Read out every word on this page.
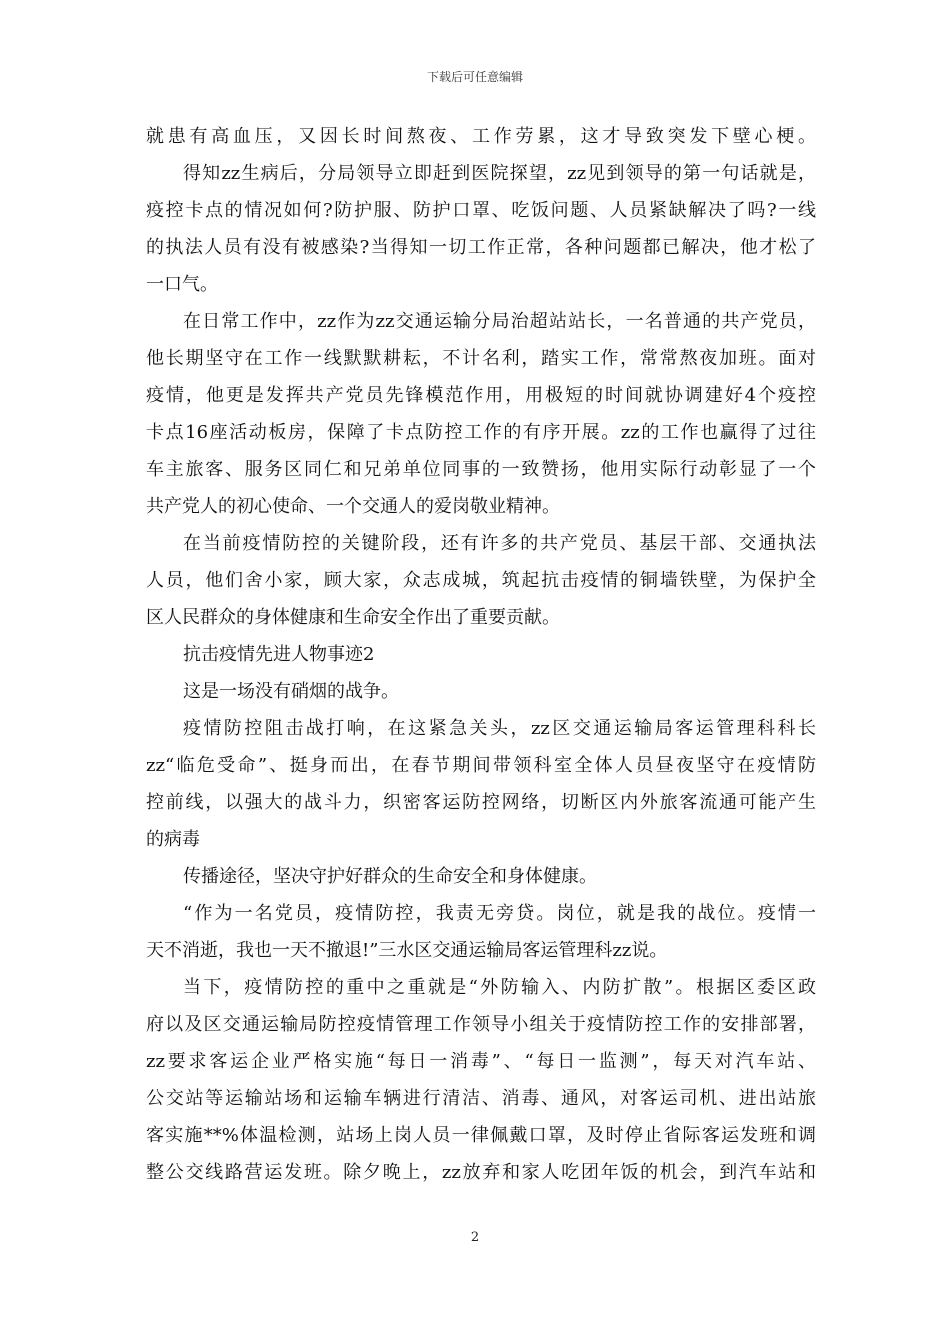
下载后可任意编辑
就患有高血压，又因长时间熬夜、工作劳累，这才导致突发下壁心梗。
得知zz生病后，分局领导立即赶到医院探望，zz见到领导的第一句话就是，
疫控卡点的情况如何?防护服、防护口罩、吃饭问题、人员紧缺解决了吗?一线
的执法人员有没有被感染?当得知一切工作正常，各种问题都已解决，他才松了
一口气。
在日常工作中，zz作为zz交通运输分局治超站站长，一名普通的共产党员，
他长期坚守在工作一线默默耕耘，不计名利，踏实工作，常常熬夜加班。面对
疫情，他更是发挥共产党员先锋模范作用，用极短的时间就协调建好4个疫控
卡点16座活动板房，保障了卡点防控工作的有序开展。zz的工作也赢得了过往
车主旅客、服务区同仁和兄弟单位同事的一致赞扬，他用实际行动彰显了一个
共产党人的初心使命、一个交通人的爱岗敬业精神。
在当前疫情防控的关键阶段，还有许多的共产党员、基层干部、交通执法
人员，他们舍小家，顾大家，众志成城，筑起抗击疫情的铜墙铁壁，为保护全
区人民群众的身体健康和生命安全作出了重要贡献。
抗击疫情先进人物事迹2
这是一场没有硝烟的战争。
疫情防控阻击战打响，在这紧急关头，zz区交通运输局客运管理科科长
zz“临危受命”、挺身而出，在春节期间带领科室全体人员昼夜坚守在疫情防
控前线，以强大的战斗力，织密客运防控网络，切断区内外旅客流通可能产生
的病毒
传播途径，坚决守护好群众的生命安全和身体健康。
“作为一名党员，疫情防控，我责无旁贷。岗位，就是我的战位。疫情一
天不消逝，我也一天不撤退!”三水区交通运输局客运管理科zz说。
当下，疫情防控的重中之重就是“外防输入、内防扩散”。根据区委区政
府以及区交通运输局防控疫情管理工作领导小组关于疫情防控工作的安排部署，
zz要求客运企业严格实施“每日一消毒”、“每日一监测”，每天对汽车站、
公交站等运输站场和运输车辆进行清洁、消毒、通风，对客运司机、进出站旅
客实施**%体温检测，站场上岗人员一律佩戴口罩，及时停止省际客运发班和调
整公交线路营运发班。除夕晚上，zz放弃和家人吃团年饭的机会，到汽车站和
2
